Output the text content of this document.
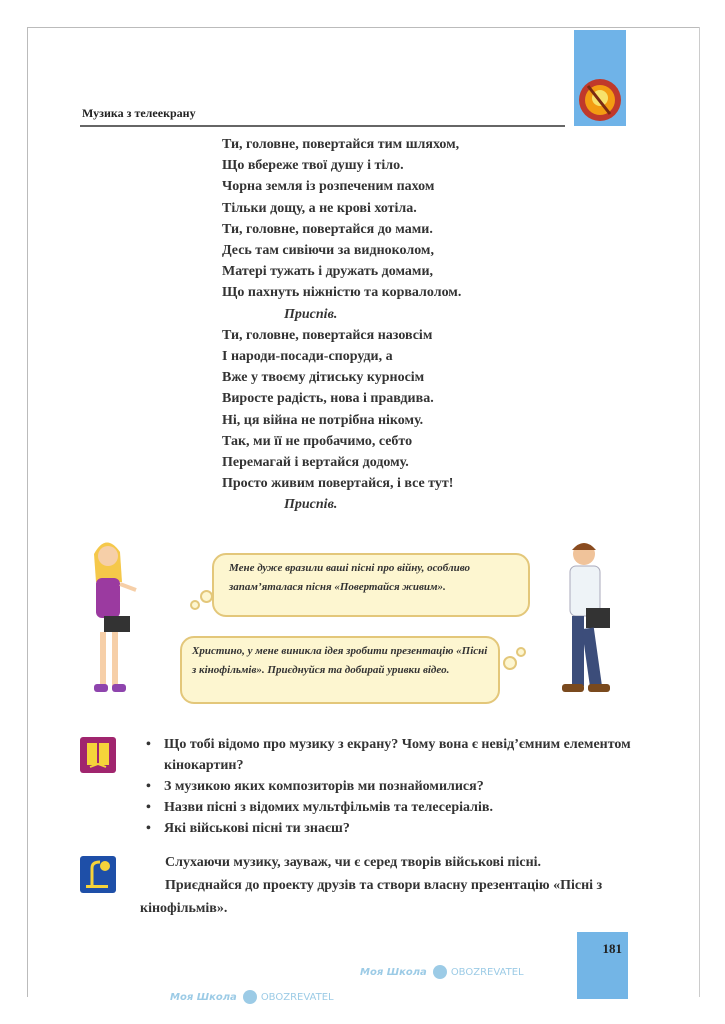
Музика з телеекрану
Ти, головне, повертайся тим шляхом,
Що вбереже твої душу і тіло.
Чорна земля із розпеченим пахом
Тільки дощу, а не крові хотіла.
Ти, головне, повертайся до мами.
Десь там сивіючи за видноколом,
Матері тужать і дружать домами,
Що пахнуть ніжністю та корвалолом.
Приспів.
Ти, головне, повертайся назовсім
І народи-посади-споруди, а
Вже у твоєму дітиську курносім
Виросте радість, нова і правдива.
Ні, ця війна не потрібна нікому.
Так, ми її не пробачимо, себто
Перемагай і вертайся додому.
Просто живим повертайся, і все тут!
Приспів.
Мене дуже вразили ваші пісні про війну, особливо запам’яталася пісня «Повертайся живим».
Христино, у мене виникла ідея зробити презентацію «Пісні з кінофільмів». Приєднуйся та добирай уривки відео.
• Що тобі відомо про музику з екрану? Чому вона є невід’ємним елементом кінокартин?
• З музикою яких композиторів ми познайомилися?
• Назви пісні з відомих мультфільмів та телесеріалів.
• Які військові пісні ти знаєш?

Слухаючи музику, зауваж, чи є серед творів військові пісні.

Приєднайся до проекту друзів та створи власну презентацію «Пісні з кінофільмів».

181
Моя Школа OBOZREVATEL
Моя Школа OBOZREVATEL
